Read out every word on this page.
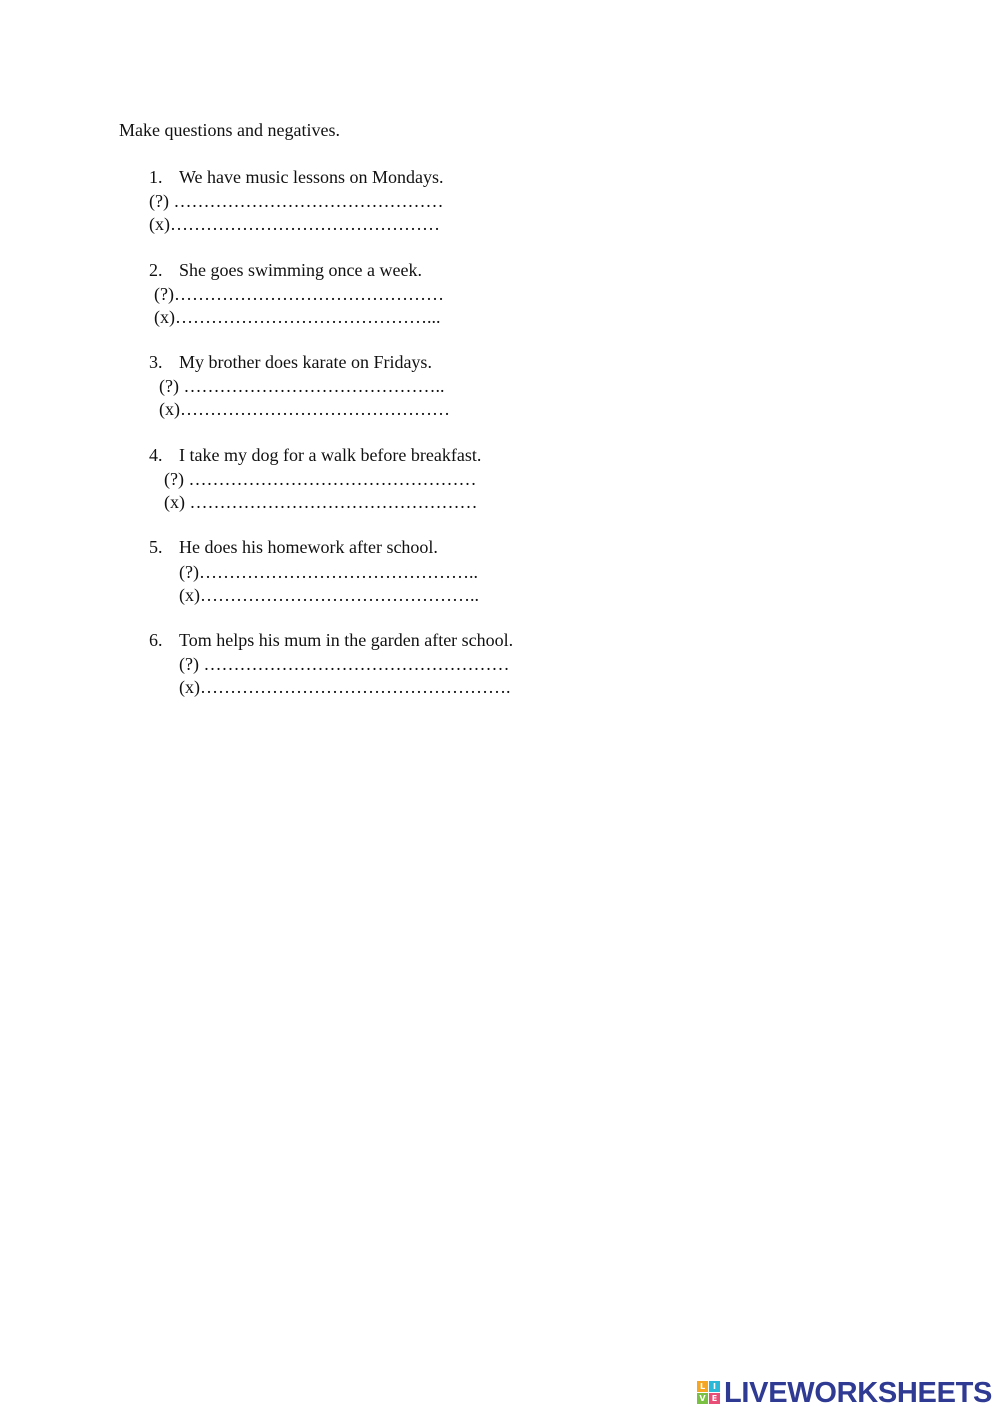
Make questions and negatives.
1. We have music lessons on Mondays.
(?) ………………………………………
(x)………………………………………
2. She goes swimming once a week.
(?)………………………………………
(x)……………………………………...
3. My brother does karate on Fridays.
(?) ……………………………………..
(x)………………………………………
4. I take my dog for a walk before breakfast.
(?) …………………………………………
(x) …………………………………………
5. He does his homework after school.
(?)………………………………………..
(x)………………………………………..
6. Tom helps his mum in the garden after school.
(?) ……………………………………………
(x)…………………………………………….
L I
V E LIVEWORKSHEETS
